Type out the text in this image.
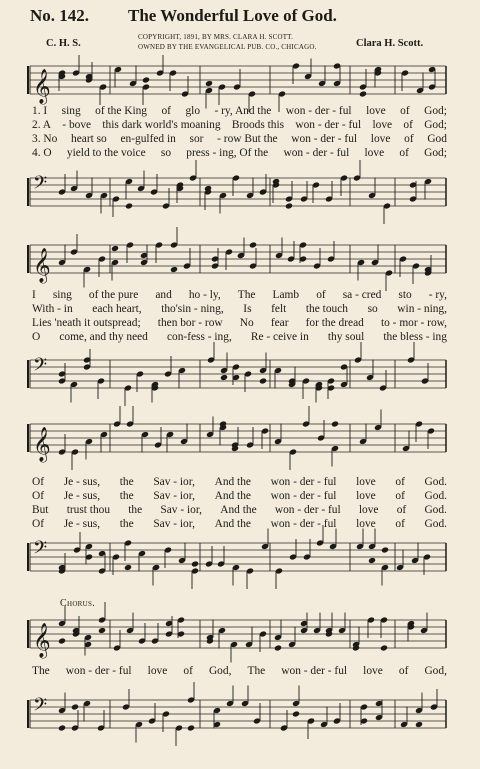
No. 142. The Wonderful Love of God.
COPYRIGHT, 1891, BY MRS. CLARA H. SCOTT.
OWNED BY THE EVANGELICAL PUB. CO., CHICAGO.
C. H. S.	Clara H. Scott.
𝄞
1. I sing of the King of glo - ry, And the won - der - ful love of God;
2. A - bove this dark world's moaning Broods this won - der - ful love of God;
3. No heart so en-gulfed in sor - row But the won - der - ful love of God
4. O yield to the voice so press - ing, Of the won - der - ful love of God;
𝄢
𝄞
I sing of the pure and ho - ly, The Lamb of sa - cred sto - ry,
With - in each heart, tho'sin - ning, Is felt the touch so win - ning,
Lies 'neath it outspread; then bor - row No fear for the dread to - mor - row,
O come, and thy need con-fess - ing, Re - ceive in thy soul the bless - ing
𝄢
𝄞
Of Je - sus, the Sav - ior, And the won - der - ful love of God.
Of Je - sus, the Sav - ior, And the won - der - ful love of God.
But trust thou the Sav - ior, And the won - der - ful love of God.
Of Je - sus, the Sav - ior, And the won - der - ful love of God.
𝄢
Chorus.
𝄞
The won - der - ful love of God, The won - der - ful love of God,
𝄢
